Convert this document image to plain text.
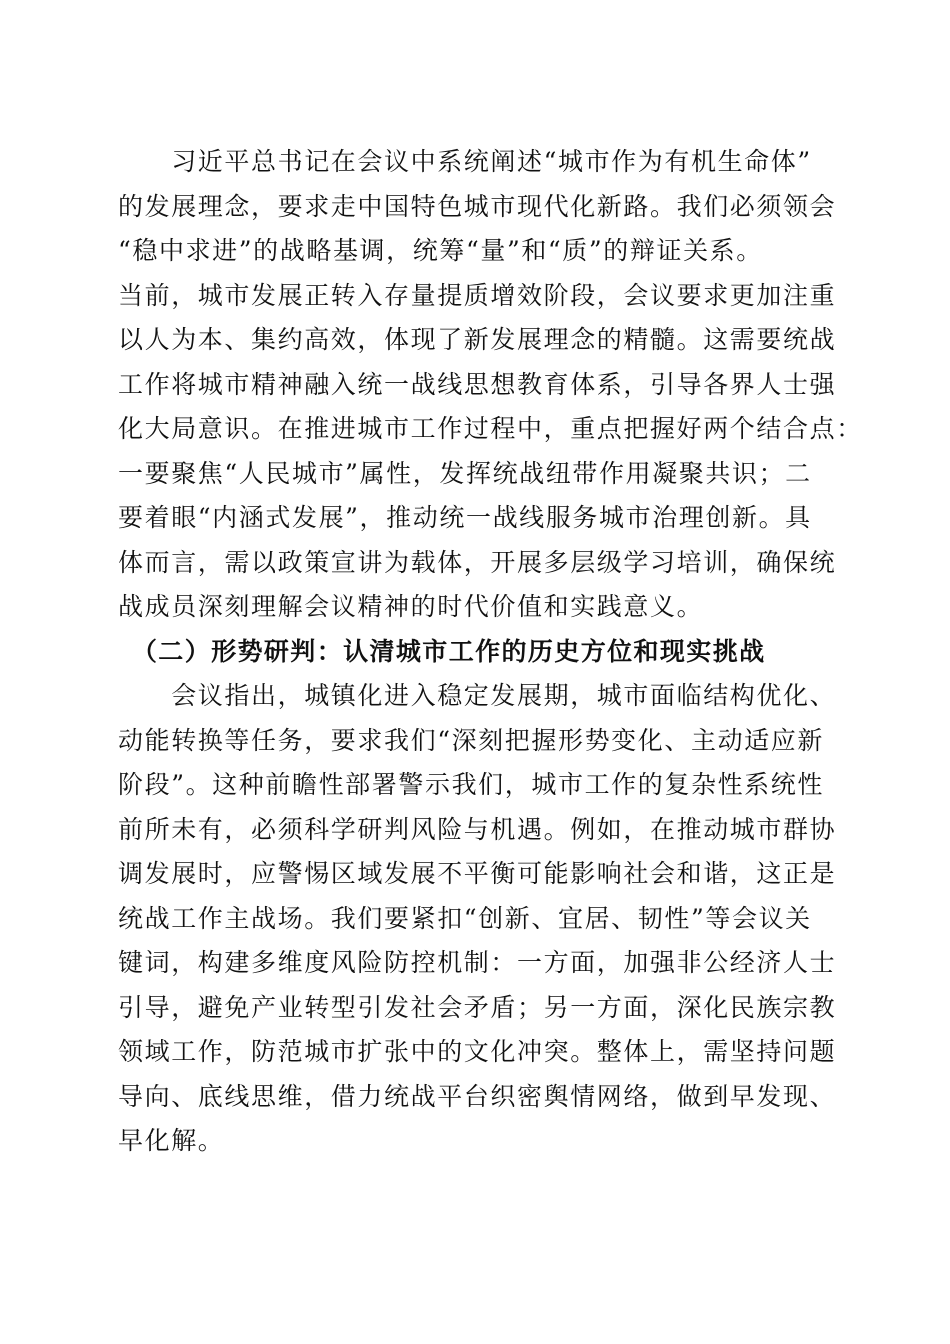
　　习近平总书记在会议中系统阐述“城市作为有机生命体”
的发展理念，要求走中国特色城市现代化新路。我们必须领会
“稳中求进”的战略基调，统筹“量”和“质”的辩证关系。
当前，城市发展正转入存量提质增效阶段，会议要求更加注重
以人为本、集约高效，体现了新发展理念的精髓。这需要统战
工作将城市精神融入统一战线思想教育体系，引导各界人士强
化大局意识。在推进城市工作过程中，重点把握好两个结合点：
一要聚焦“人民城市”属性，发挥统战纽带作用凝聚共识；二
要着眼“内涵式发展”，推动统一战线服务城市治理创新。具
体而言，需以政策宣讲为载体，开展多层级学习培训，确保统
战成员深刻理解会议精神的时代价值和实践意义。

　（二）形势研判：认清城市工作的历史方位和现实挑战

　　会议指出，城镇化进入稳定发展期，城市面临结构优化、
动能转换等任务，要求我们“深刻把握形势变化、主动适应新
阶段”。这种前瞻性部署警示我们，城市工作的复杂性系统性
前所未有，必须科学研判风险与机遇。例如，在推动城市群协
调发展时，应警惕区域发展不平衡可能影响社会和谐，这正是
统战工作主战场。我们要紧扣“创新、宜居、韧性”等会议关
键词，构建多维度风险防控机制：一方面，加强非公经济人士
引导，避免产业转型引发社会矛盾；另一方面，深化民族宗教
领域工作，防范城市扩张中的文化冲突。整体上，需坚持问题
导向、底线思维，借力统战平台织密舆情网络，做到早发现、
早化解。
